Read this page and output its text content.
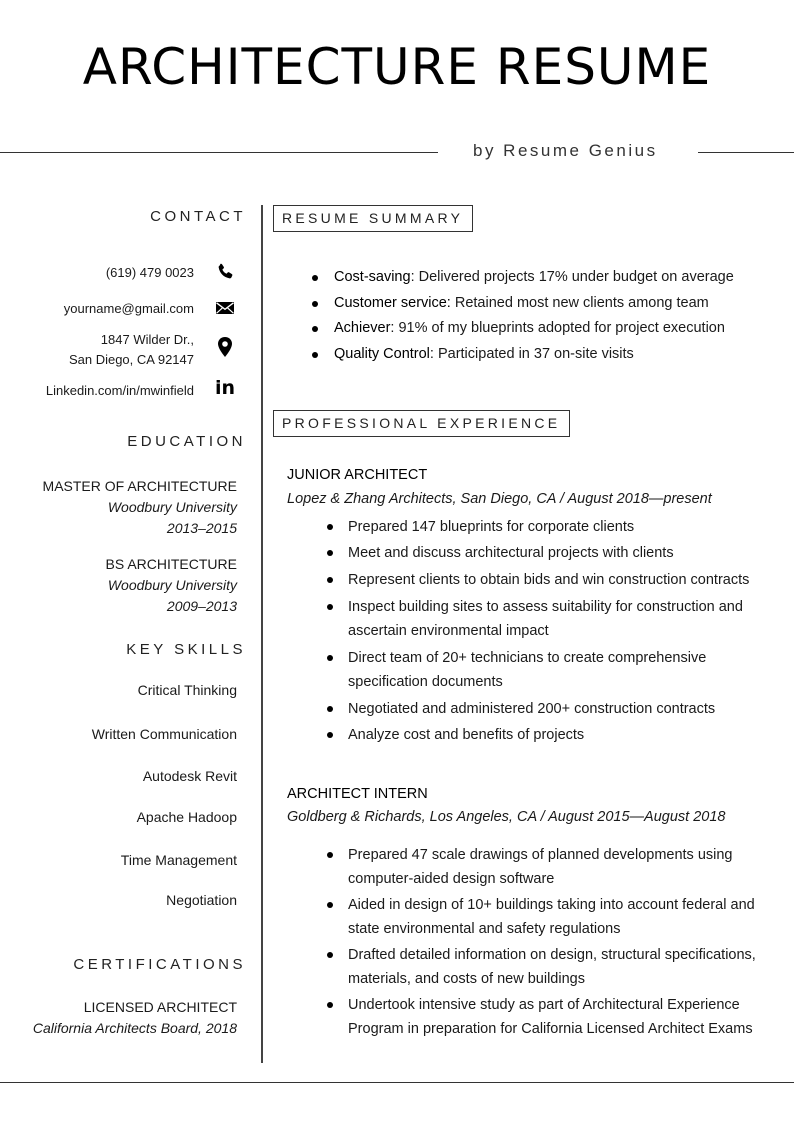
ARCHITECTURE RESUME
by Resume Genius
CONTACT
(619) 479 0023
yourname@gmail.com
1847 Wilder Dr.,
San Diego, CA 92147
Linkedin.com/in/mwinfield in
EDUCATION
MASTER OF ARCHITECTURE
Woodbury University
2013–2015
BS ARCHITECTURE
Woodbury University
2009–2013
KEY SKILLS
Critical Thinking
Written Communication
Autodesk Revit
Apache Hadoop
Time Management
Negotiation
CERTIFICATIONS
LICENSED ARCHITECT
California Architects Board, 2018
RESUME SUMMARY
Cost-saving: Delivered projects 17% under budget on average
Customer service: Retained most new clients among team
Achiever: 91% of my blueprints adopted for project execution
Quality Control: Participated in 37 on-site visits
PROFESSIONAL EXPERIENCE
JUNIOR ARCHITECT
Lopez & Zhang Architects, San Diego, CA / August 2018—present
Prepared 147 blueprints for corporate clients
Meet and discuss architectural projects with clients
Represent clients to obtain bids and win construction contracts
Inspect building sites to assess suitability for construction and ascertain environmental impact
Direct team of 20+ technicians to create comprehensive specification documents
Negotiated and administered 200+ construction contracts
Analyze cost and benefits of projects
ARCHITECT INTERN
Goldberg & Richards, Los Angeles, CA / August 2015—August 2018
Prepared 47 scale drawings of planned developments using computer-aided design software
Aided in design of 10+ buildings taking into account federal and state environmental and safety regulations
Drafted detailed information on design, structural specifications, materials, and costs of new buildings
Undertook intensive study as part of Architectural Experience Program in preparation for California Licensed Architect Exams
